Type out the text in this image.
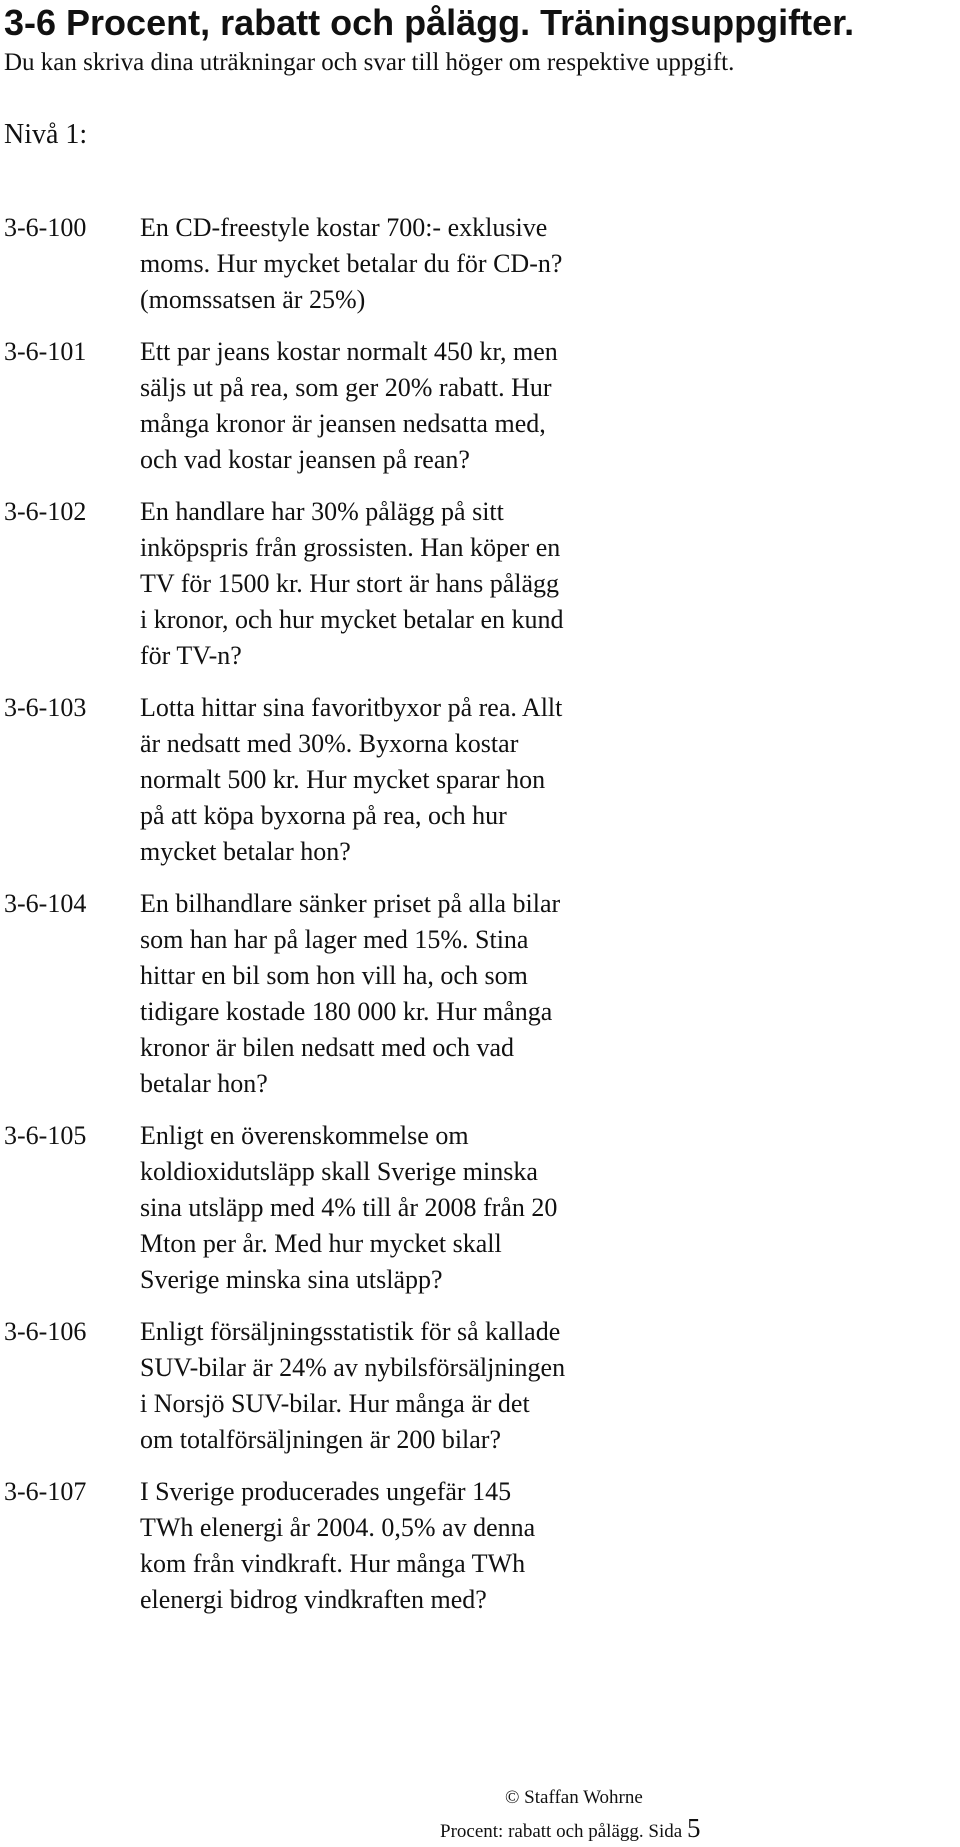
3-6 Procent, rabatt och pålägg. Träningsuppgifter.
Du kan skriva dina uträkningar och svar till höger om respektive uppgift.
Nivå 1:
3-6-100	En CD-freestyle kostar 700:- exklusive
moms. Hur mycket betalar du för CD-n?
(momssatsen är 25%)
3-6-101	Ett par jeans kostar normalt 450 kr, men
säljs ut på rea, som ger 20% rabatt. Hur
många kronor är jeansen nedsatta med,
och vad kostar jeansen på rean?
3-6-102	En handlare har 30% pålägg på sitt
inköpspris från grossisten. Han köper en
TV för 1500 kr. Hur stort är hans pålägg
i kronor, och hur mycket betalar en kund
för TV-n?
3-6-103	Lotta hittar sina favoritbyxor på rea. Allt
är nedsatt med 30%. Byxorna kostar
normalt 500 kr. Hur mycket sparar hon
på att köpa byxorna på rea, och hur
mycket betalar hon?
3-6-104	En bilhandlare sänker priset på alla bilar
som han har på lager med 15%. Stina
hittar en bil som hon vill ha, och som
tidigare kostade 180 000 kr. Hur många
kronor är bilen nedsatt med och vad
betalar hon?
3-6-105	Enligt en överenskommelse om
koldioxidutsläpp skall Sverige minska
sina utsläpp med 4% till år 2008 från 20
Mton per år. Med hur mycket skall
Sverige minska sina utsläpp?
3-6-106	Enligt försäljningsstatistik för så kallade
SUV-bilar är 24% av nybilsförsäljningen
i Norsjö SUV-bilar. Hur många är det
om totalförsäljningen är 200 bilar?
3-6-107	I Sverige producerades ungefär 145
TWh elenergi år 2004. 0,5% av denna
kom från vindkraft. Hur många TWh
elenergi bidrog vindkraften med?
© Staffan Wohrne
Procent: rabatt och pålägg. Sida 5
